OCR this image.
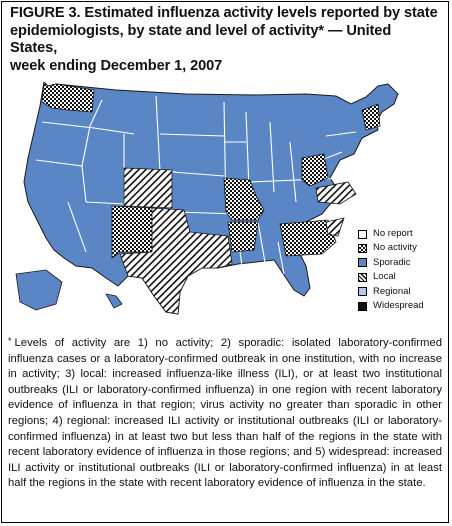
FIGURE 3. Estimated influenza activity levels reported by state
epidemiologists, by state and level of activity* — United States,
week ending December 1, 2007
No report
No activity
Sporadic
Local
Regional
Widespread
* Levels of activity are 1) no activity; 2) sporadic: isolated laboratory-confirmed influenza cases or a laboratory-confirmed outbreak in one institution, with no increase in activity; 3) local: increased influenza-like illness (ILI), or at least two institutional outbreaks (ILI or laboratory-confirmed influenza) in one region with recent laboratory evidence of influenza in that region; virus activity no greater than sporadic in other regions; 4) regional: increased ILI activity or institutional outbreaks (ILI or laboratory-confirmed influenza) in at least two but less than half of the regions in the state with recent laboratory evidence of influenza in those regions; and 5) widespread: increased ILI activity or institutional outbreaks (ILI or laboratory-confirmed influenza) in at least half the regions in the state with recent laboratory evidence of influenza in the state.
